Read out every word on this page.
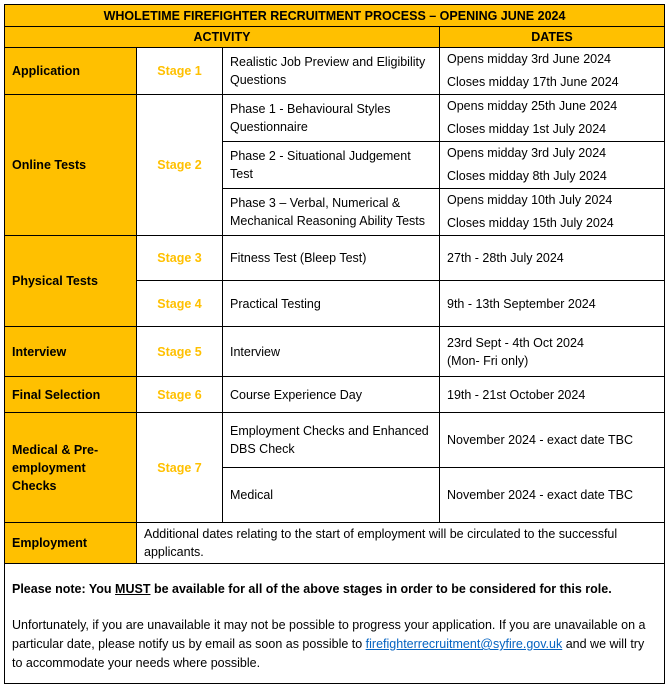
WHOLETIME FIREFIGHTER RECRUITMENT PROCESS – OPENING JUNE 2024			
ACTIVITY			DATES
Application	Stage 1	Realistic Job Preview and Eligibility Questions	Opens midday 3rd June 2024
Closes midday 17th June 2024

Online Tests	Stage 2	Phase 1 - Behavioural Styles Questionnaire	Opens midday 25th June 2024
Closes midday 1st July 2024

		Phase 2 - Situational Judgement Test	Opens midday 3rd July 2024
Closes midday 8th July 2024

		Phase 3 – Verbal, Numerical & Mechanical Reasoning Ability Tests	Opens midday 10th July 2024
Closes midday 15th July 2024

Physical Tests	Stage 3	Fitness Test (Bleep Test)	27th - 28th July 2024
	Stage 4	Practical Testing	9th - 13th September 2024
Interview	Stage 5	Interview	23rd Sept - 4th Oct 2024
(Mon- Fri only)

Final Selection	Stage 6	Course Experience Day	19th - 21st October 2024
Medical & Pre-employment Checks	Stage 7	Employment Checks and Enhanced DBS Check	November 2024 - exact date TBC
		Medical	November 2024 - exact date TBC
Employment	Additional dates relating to the start of employment will be circulated to the successful applicants.		

Please note: You MUST be available for all of the above stages in order to be considered for this role.

Unfortunately, if you are unavailable it may not be possible to progress your application. If you are unavailable on a particular date, please notify us by email as soon as possible to firefighterrecruitment@syfire.gov.uk and we will try to accommodate your needs where possible.			
